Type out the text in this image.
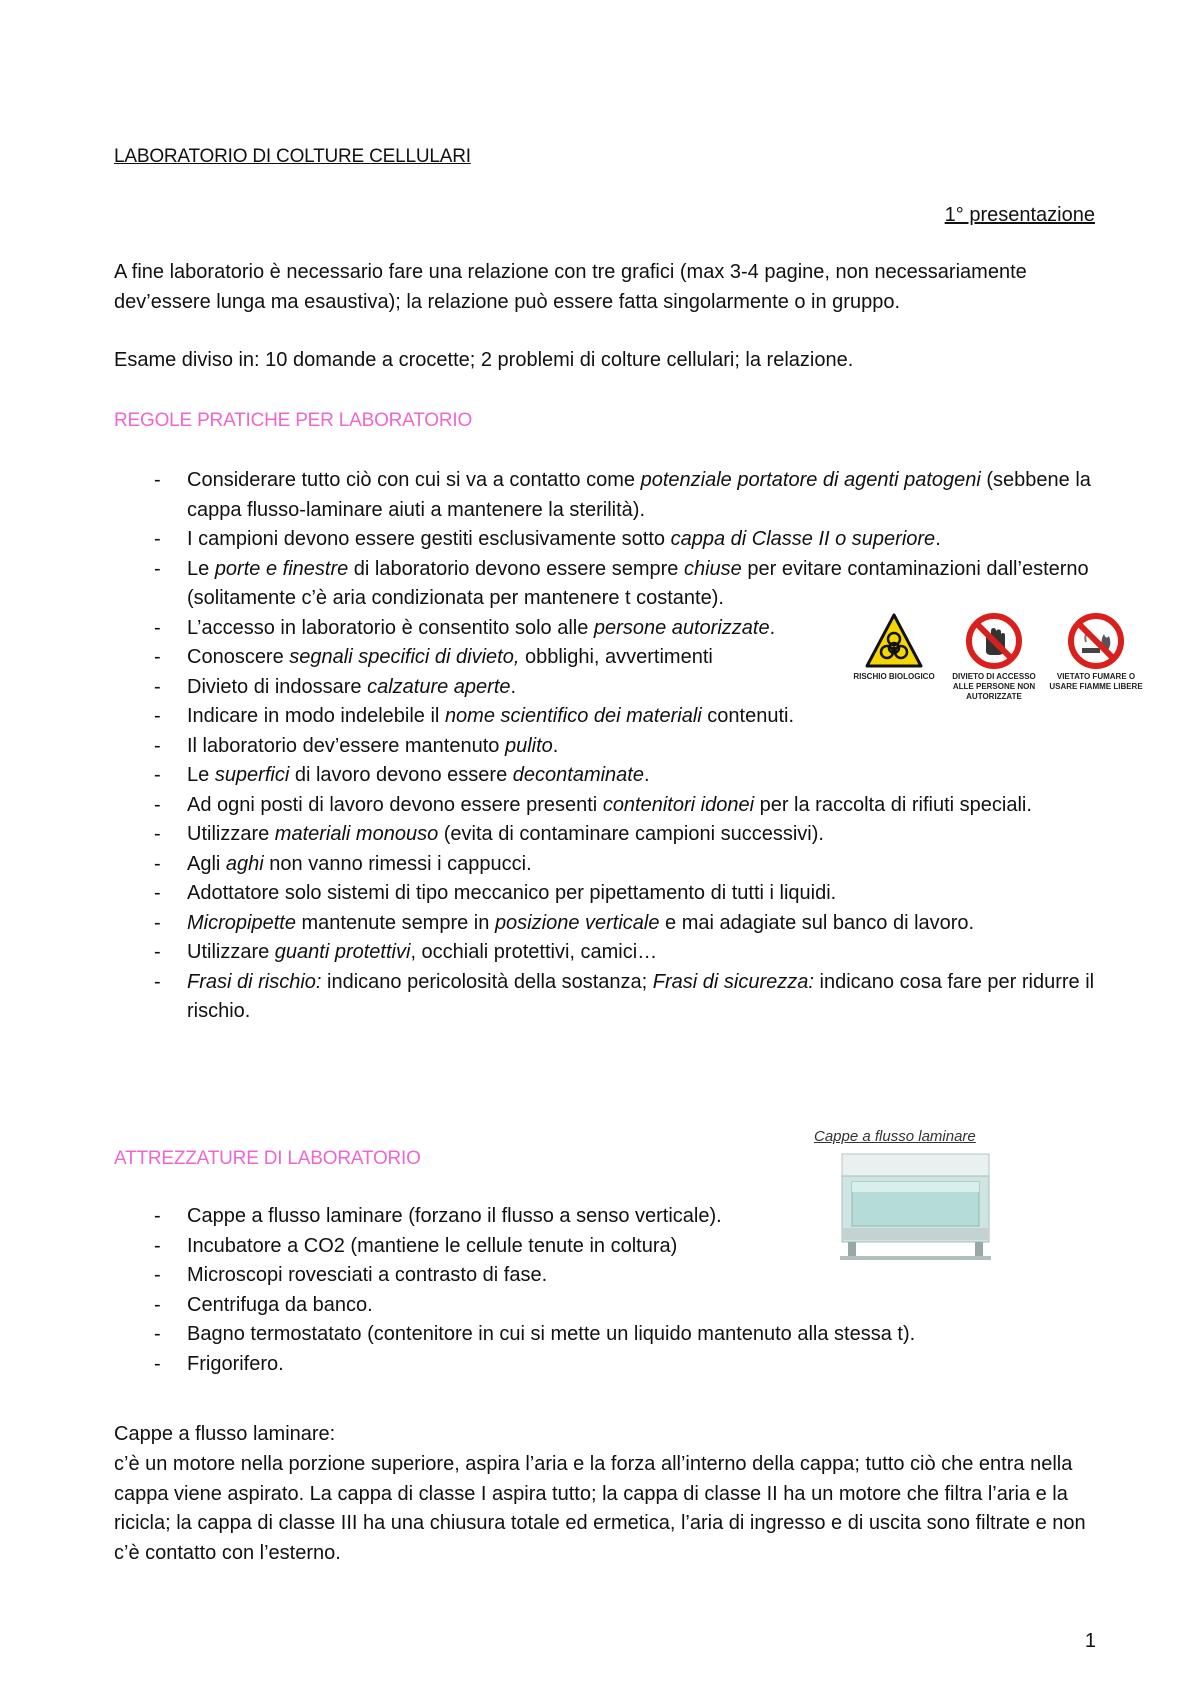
LABORATORIO DI COLTURE CELLULARI
1° presentazione
A fine laboratorio è necessario fare una relazione con tre grafici (max 3-4 pagine, non necessariamente dev’essere lunga ma esaustiva); la relazione può essere fatta singolarmente o in gruppo.
Esame diviso in: 10 domande a crocette; 2 problemi di colture cellulari; la relazione.
REGOLE PRATICHE PER LABORATORIO
- Considerare tutto ciò con cui si va a contatto come potenziale portatore di agenti patogeni (sebbene la cappa flusso-laminare aiuti a mantenere la sterilità).
- I campioni devono essere gestiti esclusivamente sotto cappa di Classe II o superiore.
- Le porte e finestre di laboratorio devono essere sempre chiuse per evitare contaminazioni dall’esterno (solitamente c’è aria condizionata per mantenere t costante).
- L’accesso in laboratorio è consentito solo alle persone autorizzate.
- Conoscere segnali specifici di divieto, obblighi, avvertimenti
- Divieto di indossare calzature aperte.
- Indicare in modo indelebile il nome scientifico dei materiali contenuti.
- Il laboratorio dev’essere mantenuto pulito.
- Le superfici di lavoro devono essere decontaminate.
- Ad ogni posti di lavoro devono essere presenti contenitori idonei per la raccolta di rifiuti speciali.
- Utilizzare materiali monouso (evita di contaminare campioni successivi).
- Agli aghi non vanno rimessi i cappucci.
- Adottatore solo sistemi di tipo meccanico per pipettamento di tutti i liquidi.
- Micropipette mantenute sempre in posizione verticale e mai adagiate sul banco di lavoro.
- Utilizzare guanti protettivi, occhiali protettivi, camici…
- Frasi di rischio: indicano pericolosità della sostanza; Frasi di sicurezza: indicano cosa fare per ridurre il rischio.
RISCHIO BIOLOGICO	DIVIETO DI ACCESSO
ALLE PERSONE NON
AUTORIZZATE
VIETATO FUMARE O
USARE FIAMME LIBERE
ATTREZZATURE DI LABORATORIO
Cappe a flusso laminare
- Cappe a flusso laminare (forzano il flusso a senso verticale).
- Incubatore a CO2 (mantiene le cellule tenute in coltura)
- Microscopi rovesciati a contrasto di fase.
- Centrifuga da banco.
- Bagno termostatato (contenitore in cui si mette un liquido mantenuto alla stessa t).
- Frigorifero.
Cappe a flusso laminare:
c’è un motore nella porzione superiore, aspira l’aria e la forza all’interno della cappa; tutto ciò che entra nella cappa viene aspirato. La cappa di classe I aspira tutto; la cappa di classe II ha un motore che filtra l’aria e la ricicla; la cappa di classe III ha una chiusura totale ed ermetica, l’aria di ingresso e di uscita sono filtrate e non c’è contatto con l’esterno.
1
